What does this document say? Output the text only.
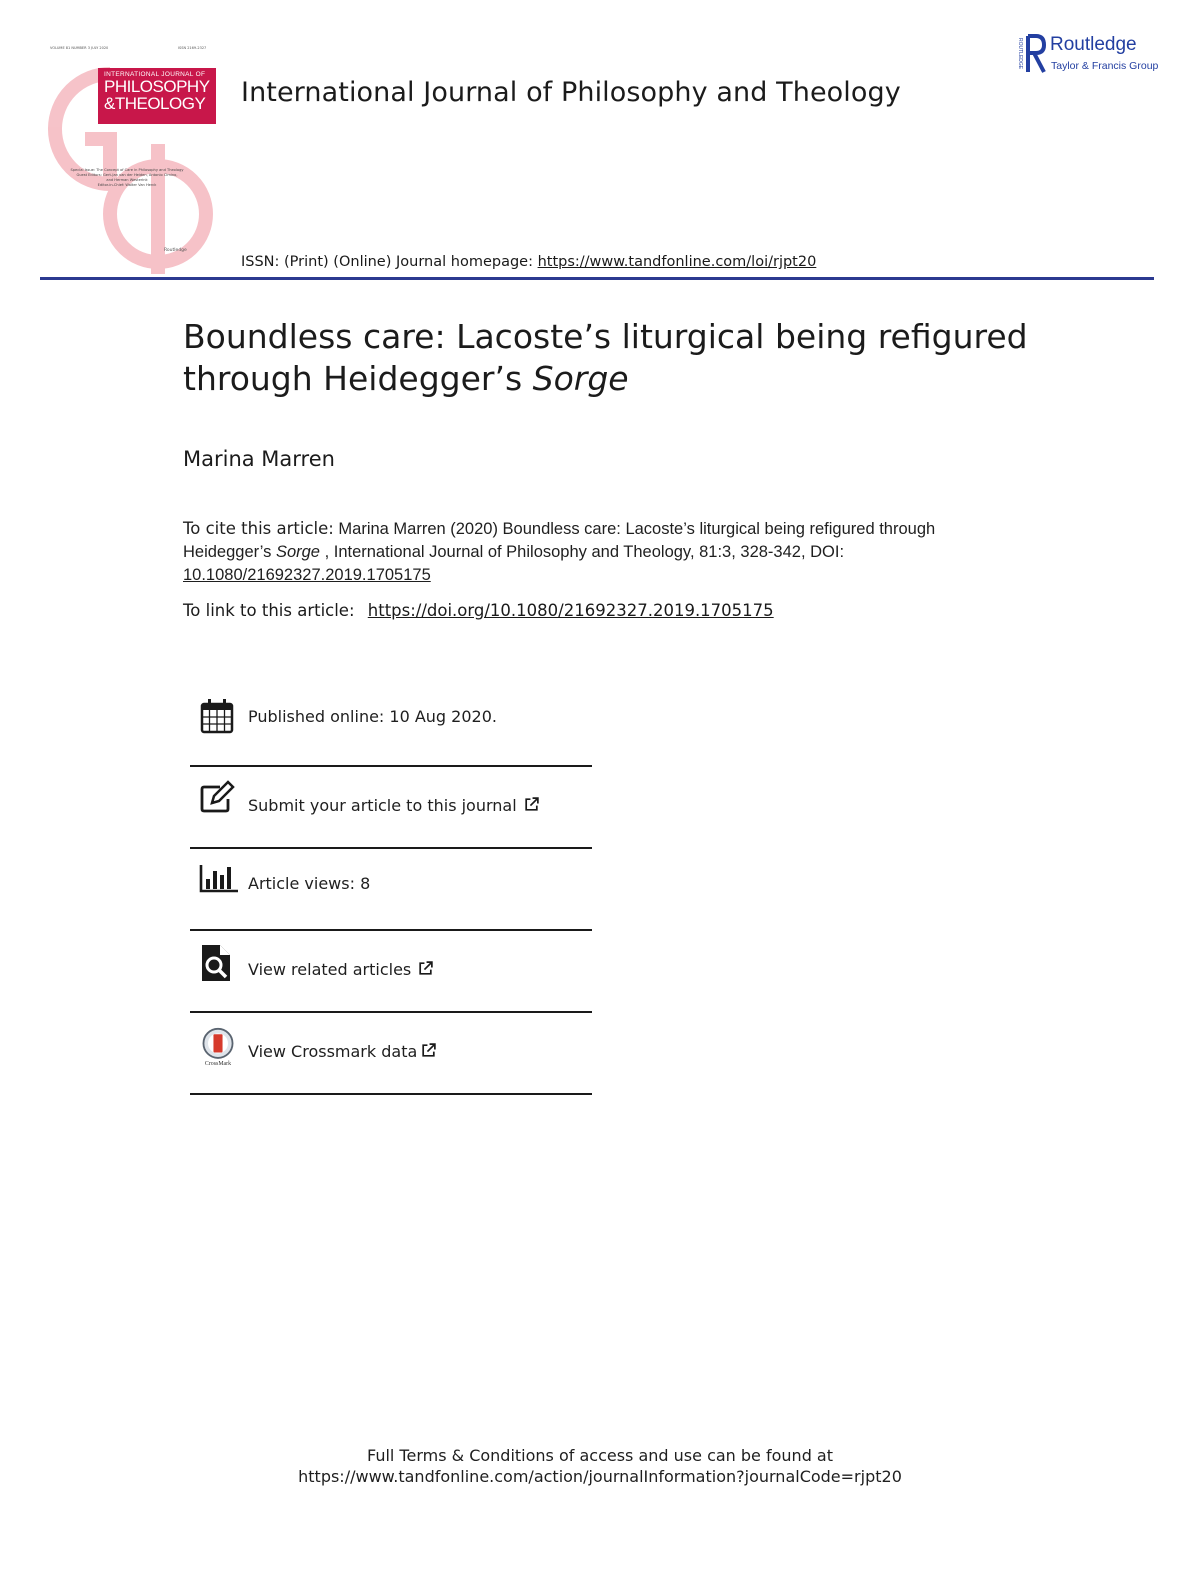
VOLUME 81 NUMBER 3 JULY 2020	ISSN 2169-2327
INTERNATIONAL JOURNAL OF
PHILOSOPHY
&THEOLOGY
Special Issue: The Concept of Care in Philosophy and Theology
Guest Editors: Gert-Jan van der Heiden, Antonio Cimino,
and Herman Westerink
Editor-in-Chief: Walter Van Herck
Routledge
International Journal of Philosophy and Theology
ISSN: (Print) (Online) Journal homepage: https://www.tandfonline.com/loi/rjpt20
ROUTLEDGE Routledge
Taylor & Francis Group
Boundless care: Lacoste’s liturgical being refigured
through Heidegger’s Sorge
Marina Marren
To cite this article: Marina Marren (2020) Boundless care: Lacoste’s liturgical being refigured through Heidegger’s Sorge , International Journal of Philosophy and Theology, 81:3, 328-342, DOI:
10.1080/21692327.2019.1705175
To link to this article: https://doi.org/10.1080/21692327.2019.1705175
Published online: 10 Aug 2020.
Submit your article to this journal
Article views: 8
View related articles
CrossMark
View Crossmark data
Full Terms & Conditions of access and use can be found at
https://www.tandfonline.com/action/journalInformation?journalCode=rjpt20
